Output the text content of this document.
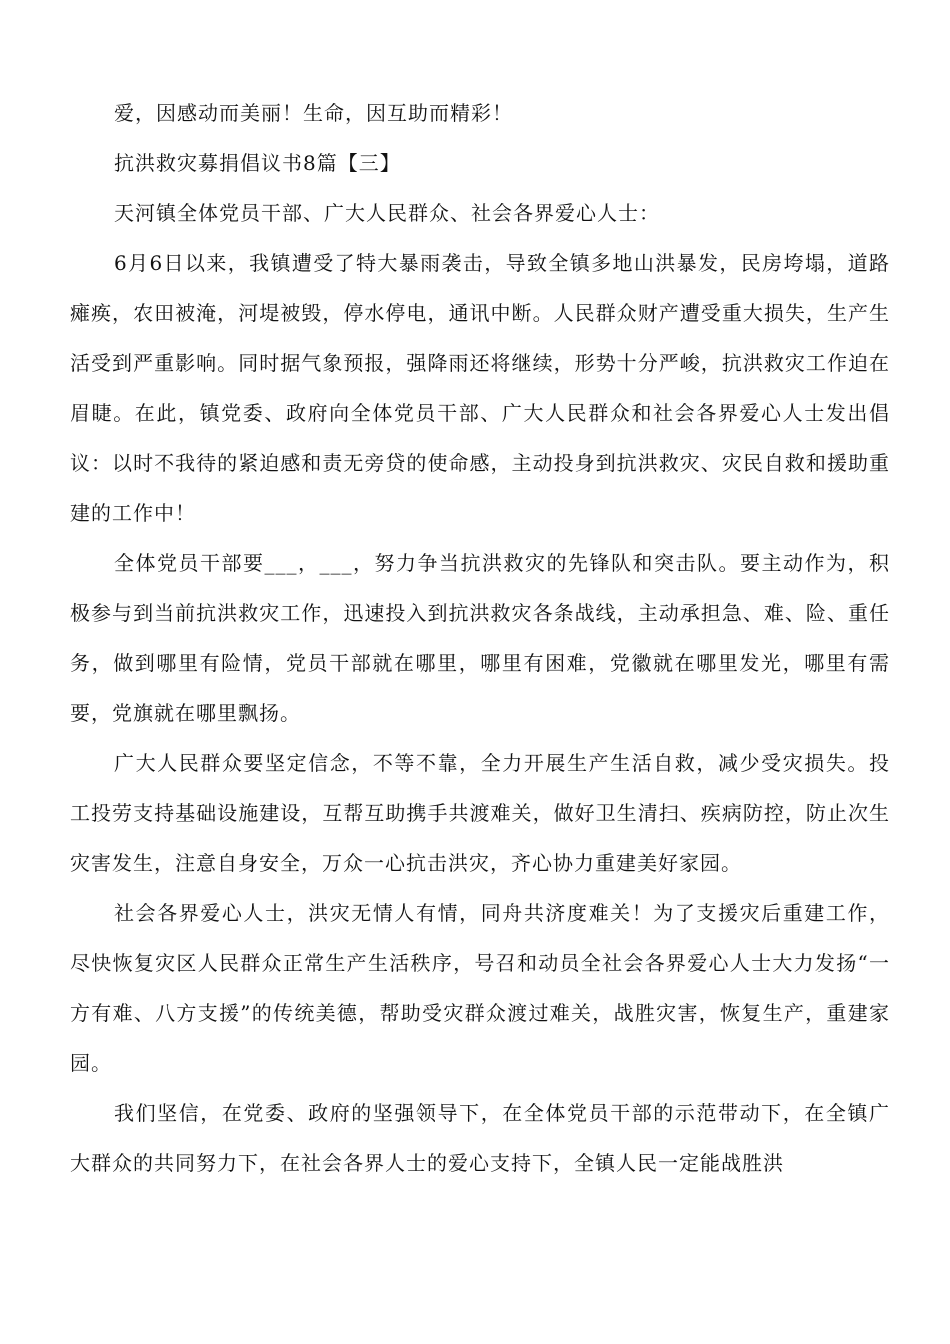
爱，因感动而美丽！生命，因互助而精彩！

抗洪救灾募捐倡议书8篇【三】

天河镇全体党员干部、广大人民群众、社会各界爱心人士：

6月6日以来，我镇遭受了特大暴雨袭击，导致全镇多地山洪暴发，民房垮塌，道路瘫痪，农田被淹，河堤被毁，停水停电，通讯中断。人民群众财产遭受重大损失，生产生活受到严重影响。同时据气象预报，强降雨还将继续，形势十分严峻，抗洪救灾工作迫在眉睫。在此，镇党委、政府向全体党员干部、广大人民群众和社会各界爱心人士发出倡议：以时不我待的紧迫感和责无旁贷的使命感，主动投身到抗洪救灾、灾民自救和援助重建的工作中！

全体党员干部要___，___，努力争当抗洪救灾的先锋队和突击队。要主动作为，积极参与到当前抗洪救灾工作，迅速投入到抗洪救灾各条战线，主动承担急、难、险、重任务，做到哪里有险情，党员干部就在哪里，哪里有困难，党徽就在哪里发光，哪里有需要，党旗就在哪里飘扬。

广大人民群众要坚定信念，不等不靠，全力开展生产生活自救，减少受灾损失。投工投劳支持基础设施建设，互帮互助携手共渡难关，做好卫生清扫、疾病防控，防止次生灾害发生，注意自身安全，万众一心抗击洪灾，齐心协力重建美好家园。

社会各界爱心人士，洪灾无情人有情，同舟共济度难关！为了支援灾后重建工作，尽快恢复灾区人民群众正常生产生活秩序，号召和动员全社会各界爱心人士大力发扬“一方有难、八方支援”的传统美德，帮助受灾群众渡过难关，战胜灾害，恢复生产，重建家园。

我们坚信，在党委、政府的坚强领导下，在全体党员干部的示范带动下，在全镇广大群众的共同努力下，在社会各界人士的爱心支持下，全镇人民一定能战胜洪
